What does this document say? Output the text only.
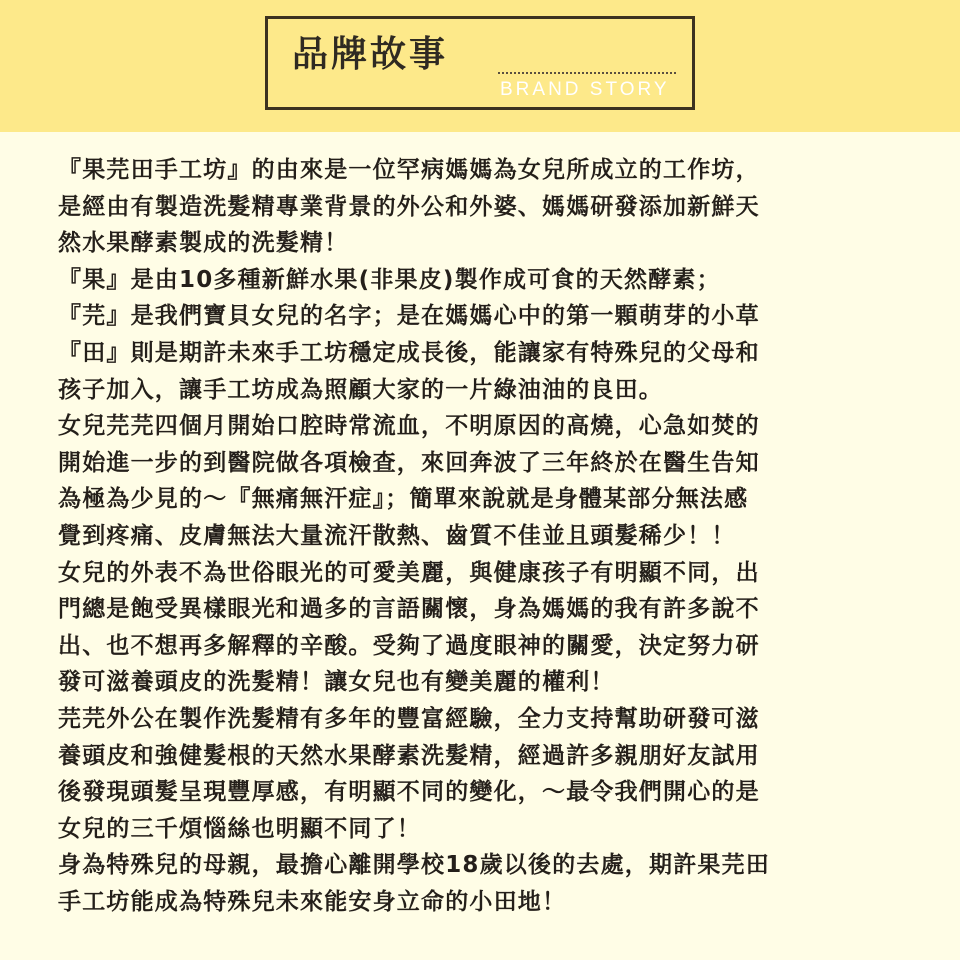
品牌故事
BRAND STORY
『果芫田手工坊』的由來是一位罕病媽媽為女兒所成立的工作坊，
是經由有製造洗髮精專業背景的外公和外婆、媽媽研發添加新鮮天
然水果酵素製成的洗髮精！
『果』是由10多種新鮮水果(非果皮)製作成可食的天然酵素；
『芫』是我們寶貝女兒的名字；是在媽媽心中的第一顆萌芽的小草
『田』則是期許未來手工坊穩定成長後，能讓家有特殊兒的父母和
孩子加入，讓手工坊成為照顧大家的一片綠油油的良田。
女兒芫芫四個月開始口腔時常流血，不明原因的高燒，心急如焚的
開始進一步的到醫院做各項檢查，來回奔波了三年終於在醫生告知
為極為少見的～『無痛無汗症』；簡單來說就是身體某部分無法感
覺到疼痛、皮膚無法大量流汗散熱、齒質不佳並且頭髮稀少！！
女兒的外表不為世俗眼光的可愛美麗，與健康孩子有明顯不同，出
門總是飽受異樣眼光和過多的言語關懷，身為媽媽的我有許多說不
出、也不想再多解釋的辛酸。受夠了過度眼神的關愛，決定努力研
發可滋養頭皮的洗髮精！讓女兒也有變美麗的權利！
芫芫外公在製作洗髮精有多年的豐富經驗，全力支持幫助研發可滋
養頭皮和強健髮根的天然水果酵素洗髮精，經過許多親朋好友試用
後發現頭髮呈現豐厚感，有明顯不同的變化，～最令我們開心的是
女兒的三千煩惱絲也明顯不同了！
身為特殊兒的母親，最擔心離開學校18歲以後的去處，期許果芫田
手工坊能成為特殊兒未來能安身立命的小田地！
